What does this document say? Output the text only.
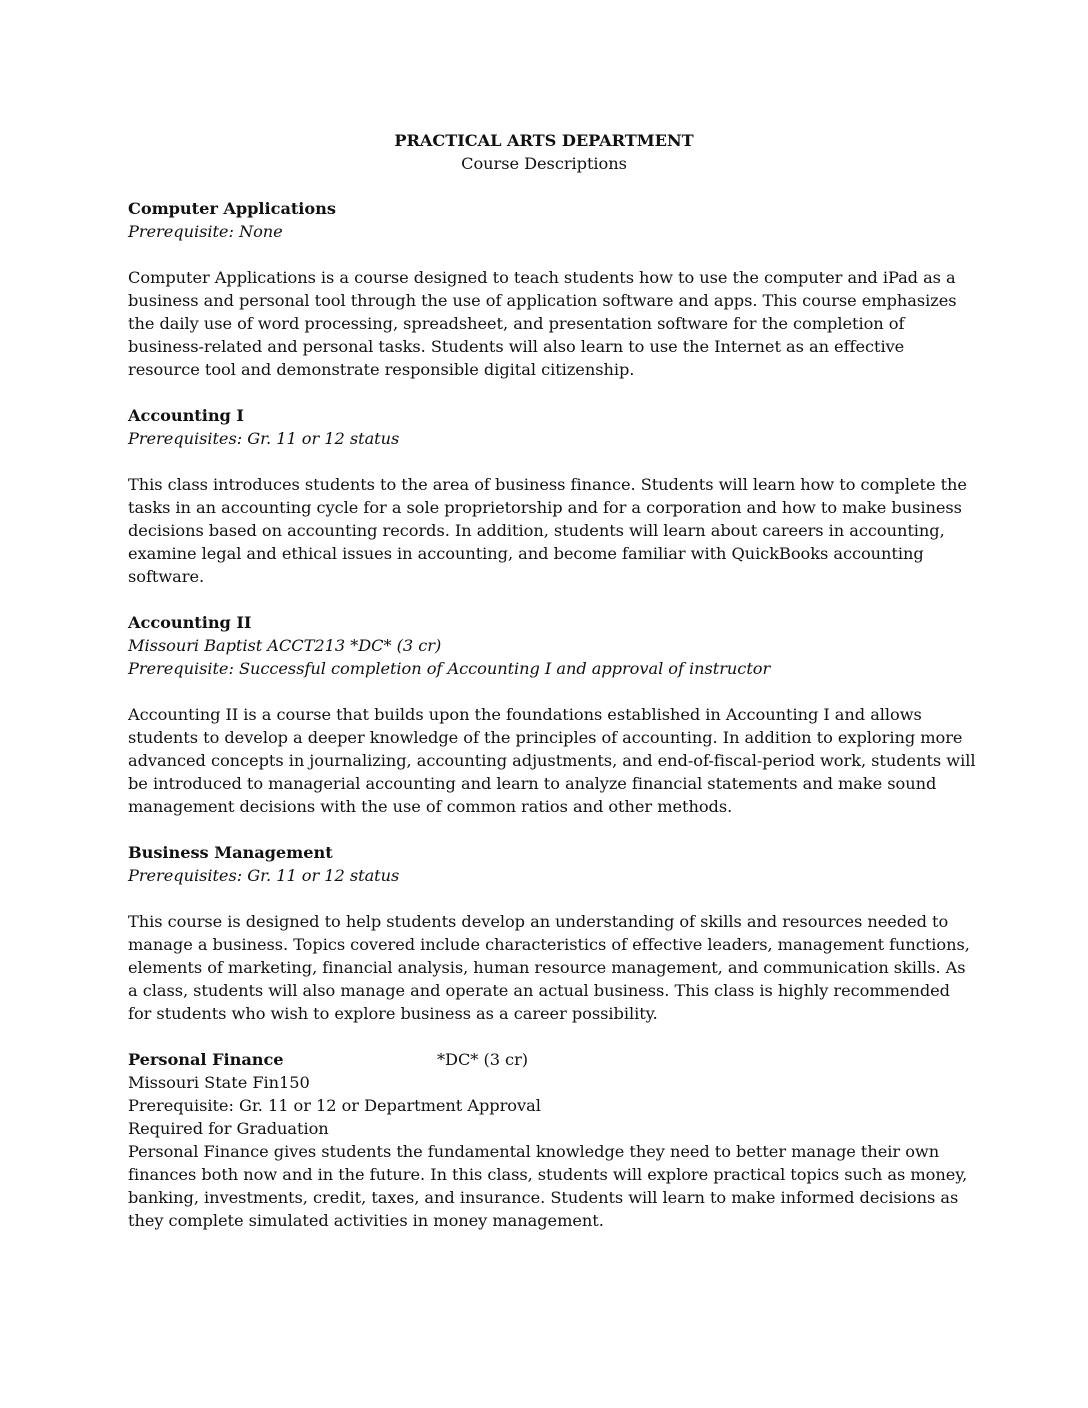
PRACTICAL ARTS DEPARTMENT
Course Descriptions
Computer Applications
Prerequisite: None
Computer Applications is a course designed to teach students how to use the computer and iPad as a business and personal tool through the use of application software and apps. This course emphasizes the daily use of word processing, spreadsheet, and presentation software for the completion of business-related and personal tasks. Students will also learn to use the Internet as an effective resource tool and demonstrate responsible digital citizenship.
Accounting I
Prerequisites: Gr. 11 or 12 status
This class introduces students to the area of business finance. Students will learn how to complete the tasks in an accounting cycle for a sole proprietorship and for a corporation and how to make business decisions based on accounting records. In addition, students will learn about careers in accounting, examine legal and ethical issues in accounting, and become familiar with QuickBooks accounting software.
Accounting II
Missouri Baptist ACCT213 *DC* (3 cr)
Prerequisite: Successful completion of Accounting I and approval of instructor
Accounting II is a course that builds upon the foundations established in Accounting I and allows students to develop a deeper knowledge of the principles of accounting. In addition to exploring more advanced concepts in journalizing, accounting adjustments, and end-of-fiscal-period work, students will be introduced to managerial accounting and learn to analyze financial statements and make sound management decisions with the use of common ratios and other methods.
Business Management
Prerequisites: Gr. 11 or 12 status
This course is designed to help students develop an understanding of skills and resources needed to manage a business. Topics covered include characteristics of effective leaders, management functions, elements of marketing, financial analysis, human resource management, and communication skills. As a class, students will also manage and operate an actual business. This class is highly recommended for students who wish to explore business as a career possibility.
Personal Finance	*DC* (3 cr)
Missouri State Fin150
Prerequisite: Gr. 11 or 12 or Department Approval
Required for Graduation
Personal Finance gives students the fundamental knowledge they need to better manage their own finances both now and in the future. In this class, students will explore practical topics such as money, banking, investments, credit, taxes, and insurance. Students will learn to make informed decisions as they complete simulated activities in money management.
